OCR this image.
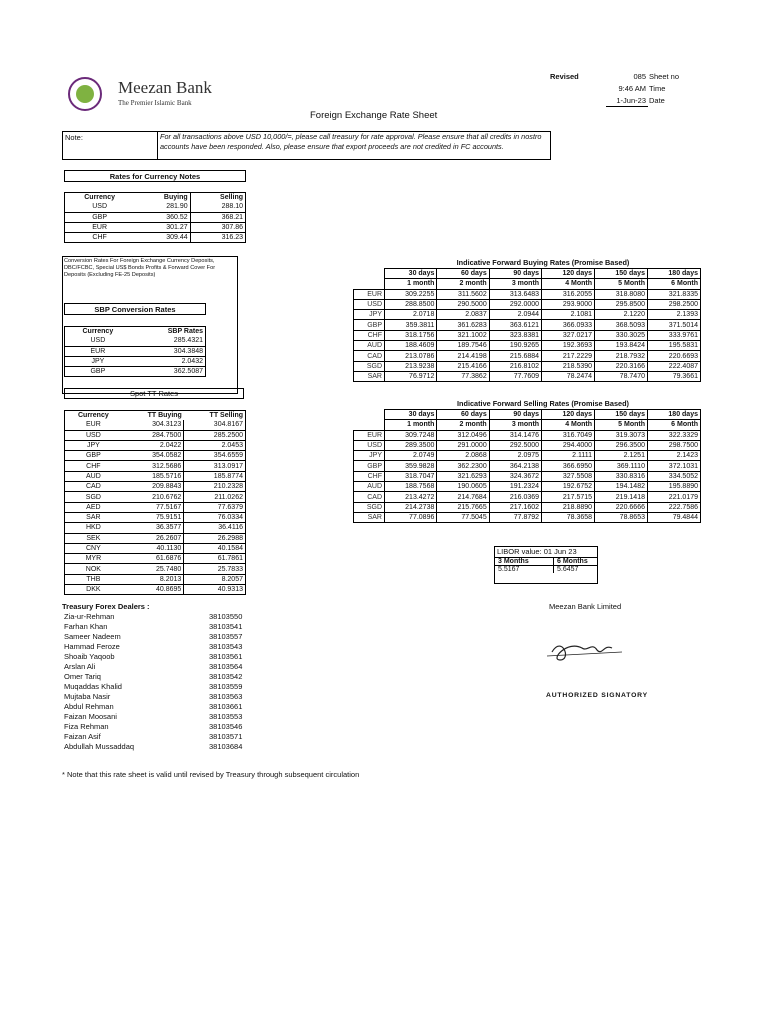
Meezan Bank
The Premier Islamic Bank
Revised	085 Sheet no
9:46 AM Time
1-Jun-23 Date
Foreign Exchange Rate Sheet
Note:	For all transactions above USD 10,000/=, please call treasury for rate approval. Please ensure that all credits in nostro accounts have been responded. Also, please ensure that export proceeds are not credited in FC accounts.
Rates for Currency Notes
Currency	Buying	Selling
USD	281.90	288.10
GBP	360.52	368.21
EUR	301.27	307.86
CHF	309.44	316.23
Conversion Rates For Foreign Exchange Currency Deposits, DBC/FCBC, Special US$ Bonds Profits & Forward Cover For Deposits (Excluding FE-25 Deposits)
SBP Conversion Rates
Currency	SBP Rates
USD	285.4321
EUR	304.3848
JPY	2.0432
GBP	362.5087
Spot TT Rates
Currency	TT Buying	TT Selling
EUR	304.3123	304.8167
USD	284.7500	285.2500
JPY	2.0422	2.0453
GBP	354.0582	354.6559
CHF	312.5686	313.0917
AUD	185.5716	185.8774
CAD	209.8843	210.2328
SGD	210.6762	211.0262
AED	77.5167	77.6379
SAR	75.9151	76.0334
HKD	36.3577	36.4116
SEK	26.2607	26.2988
CNY	40.1130	40.1584
MYR	61.6876	61.7861
NOK	25.7480	25.7833
THB	8.2013	8.2057
DKK	40.8695	40.9313
Indicative Forward Buying Rates (Promise Based)
	30 days	60 days	90 days	120 days	150 days	180 days
	1 month	2 month	3 month	4 Month	5 Month	6 Month
EUR	309.2255	311.5602	313.6483	316.2055	318.8080	321.8335
USD	288.8500	290.5000	292.0000	293.9000	295.8500	298.2500
JPY	2.0718	2.0837	2.0944	2.1081	2.1220	2.1393
GBP	359.3811	361.6283	363.6121	366.0933	368.5093	371.5014
CHF	318.1756	321.1002	323.8381	327.0217	330.3025	333.9761
AUD	188.4609	189.7546	190.9265	192.3693	193.8424	195.5831
CAD	213.0786	214.4198	215.6884	217.2229	218.7932	220.6693
SGD	213.9238	215.4166	216.8102	218.5390	220.3166	222.4087
SAR	76.9712	77.3862	77.7609	78.2474	78.7470	79.3661
Indicative Forward Selling Rates (Promise Based)
	30 days	60 days	90 days	120 days	150 days	180 days
	1 month	2 month	3 month	4 Month	5 Month	6 Month
EUR	309.7248	312.0496	314.1476	316.7049	319.3073	322.3329
USD	289.3500	291.0000	292.5000	294.4000	296.3500	298.7500
JPY	2.0749	2.0868	2.0975	2.1111	2.1251	2.1423
GBP	359.9828	362.2300	364.2138	366.6950	369.1110	372.1031
CHF	318.7047	321.6293	324.3672	327.5508	330.8316	334.5052
AUD	188.7568	190.0605	191.2324	192.6752	194.1482	195.8890
CAD	213.4272	214.7684	216.0369	217.5715	219.1418	221.0179
SGD	214.2738	215.7665	217.1602	218.8890	220.6666	222.7586
SAR	77.0896	77.5045	77.8792	78.3658	78.8653	79.4844
LIBOR value: 01 Jun 23
3 Months	6 Months
5.5167	5.6457
Treasury Forex Dealers :
Zia-ur-Rehman	38103550
Farhan Khan	38103541
Sameer Nadeem	38103557
Hammad Feroze	38103543
Shoaib Yaqoob	38103561
Arslan Ali	38103564
Omer Tariq	38103542
Muqaddas Khalid	38103559
Mujtaba Nasir	38103563
Abdul Rehman	38103661
Faizan Moosani	38103553
Fiza Rehman	38103546
Faizan Asif	38103571
Abdullah Mussaddaq	38103684
Meezan Bank Limited
AUTHORIZED SIGNATORY
* Note that this rate sheet is valid until revised by Treasury through subsequent circulation
